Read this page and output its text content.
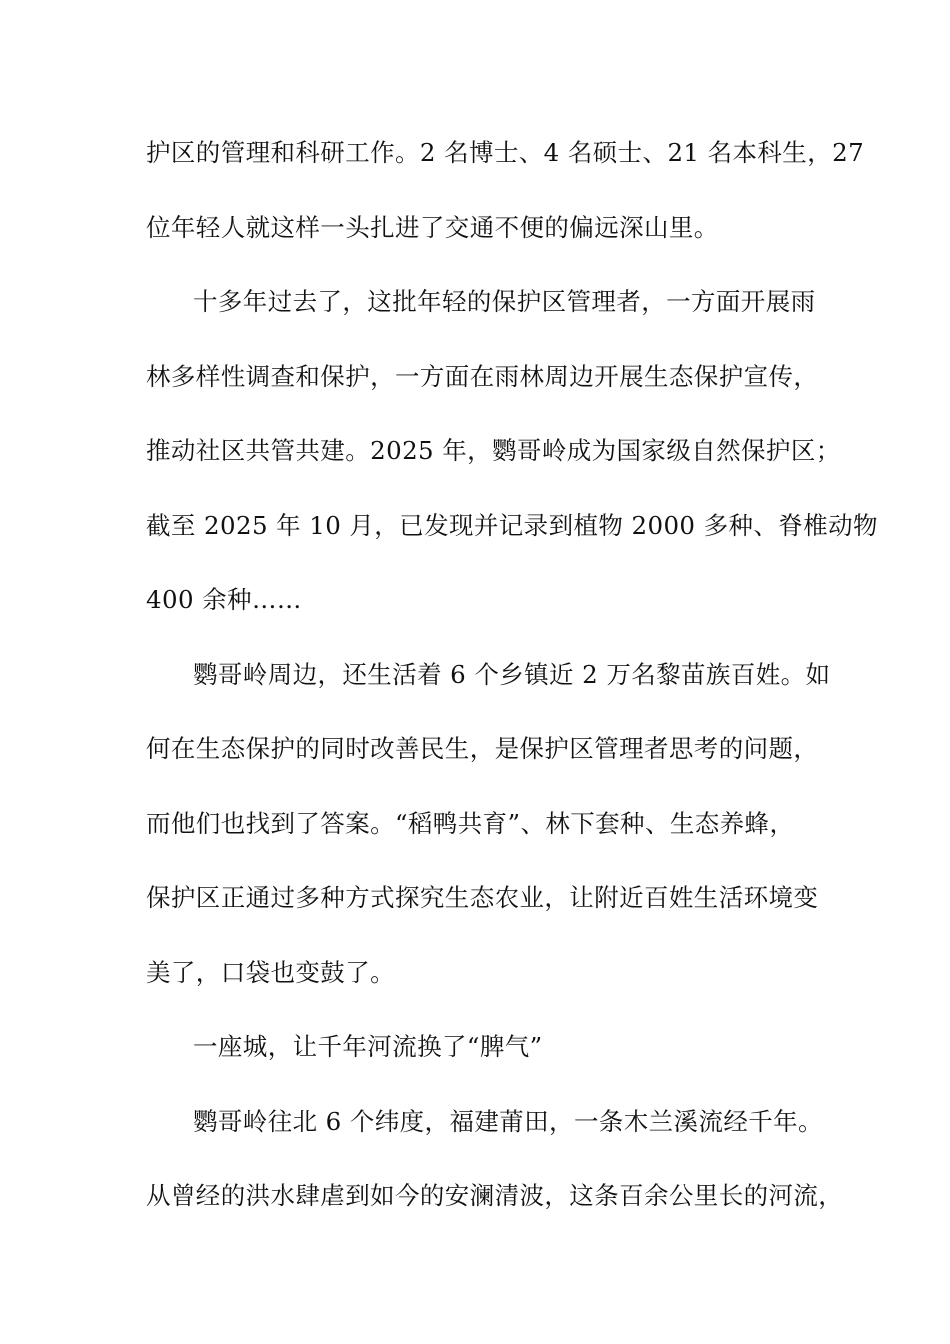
护区的管理和科研工作。2 名博士、4 名硕士、21 名本科生，27
位年轻人就这样一头扎进了交通不便的偏远深山里。
十多年过去了，这批年轻的保护区管理者，一方面开展雨
林多样性调查和保护，一方面在雨林周边开展生态保护宣传，
推动社区共管共建。2025 年，鹦哥岭成为国家级自然保护区；
截至 2025 年 10 月，已发现并记录到植物 2000 多种、脊椎动物
400 余种……
鹦哥岭周边，还生活着 6 个乡镇近 2 万名黎苗族百姓。如
何在生态保护的同时改善民生，是保护区管理者思考的问题，
而他们也找到了答案。“稻鸭共育”、林下套种、生态养蜂，
保护区正通过多种方式探究生态农业，让附近百姓生活环境变
美了，口袋也变鼓了。
一座城，让千年河流换了“脾气”
鹦哥岭往北 6 个纬度，福建莆田，一条木兰溪流经千年。
从曾经的洪水肆虐到如今的安澜清波，这条百余公里长的河流，
